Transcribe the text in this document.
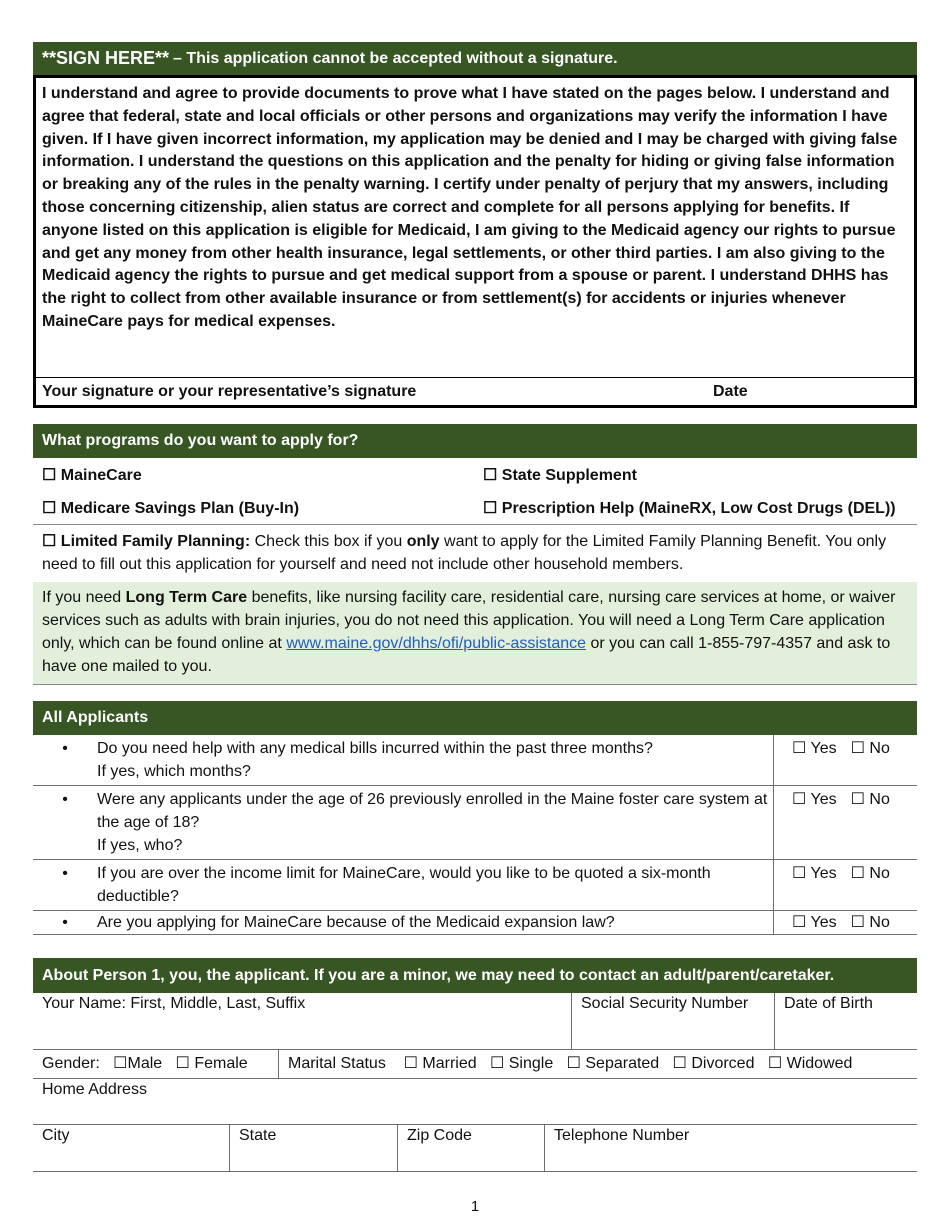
**SIGN HERE** – This application cannot be accepted without a signature.
I understand and agree to provide documents to prove what I have stated on the pages below. I understand and agree that federal, state and local officials or other persons and organizations may verify the information I have given. If I have given incorrect information, my application may be denied and I may be charged with giving false information. I understand the questions on this application and the penalty for hiding or giving false information or breaking any of the rules in the penalty warning. I certify under penalty of perjury that my answers, including those concerning citizenship, alien status are correct and complete for all persons applying for benefits. If anyone listed on this application is eligible for Medicaid, I am giving to the Medicaid agency our rights to pursue and get any money from other health insurance, legal settlements, or other third parties. I am also giving to the Medicaid agency the rights to pursue and get medical support from a spouse or parent. I understand DHHS has the right to collect from other available insurance or from settlement(s) for accidents or injuries whenever MaineCare pays for medical expenses.
Your signature or your representative’s signature	Date
What programs do you want to apply for?
☐ MaineCare	☐ State Supplement
☐ Medicare Savings Plan (Buy-In)	☐ Prescription Help (MaineRX, Low Cost Drugs (DEL))
☐ Limited Family Planning: Check this box if you only want to apply for the Limited Family Planning Benefit. You only need to fill out this application for yourself and need not include other household members.
If you need Long Term Care benefits, like nursing facility care, residential care, nursing care services at home, or waiver services such as adults with brain injuries, you do not need this application. You will need a Long Term Care application only, which can be found online at www.maine.gov/dhhs/ofi/public-assistance or you can call 1-855-797-4357 and ask to have one mailed to you.
All Applicants
•	Do you need help with any medical bills incurred within the past three months?
If yes, which months?
☐ Yes ☐ No
•	Were any applicants under the age of 26 previously enrolled in the Maine foster care system at the age of 18?
If yes, who?
☐ Yes ☐ No
•	If you are over the income limit for MaineCare, would you like to be quoted a six-month deductible?
☐ Yes ☐ No
•	Are you applying for MaineCare because of the Medicaid expansion law?	☐ Yes ☐ No
About Person 1, you, the applicant. If you are a minor, we may need to contact an adult/parent/caretaker.
Your Name: First, Middle, Last, Suffix	Social Security Number	Date of Birth
Gender: ☐Male ☐ Female	Marital Status ☐ Married ☐ Single ☐ Separated ☐ Divorced ☐ Widowed
Home Address
City	State	Zip Code	Telephone Number
1
